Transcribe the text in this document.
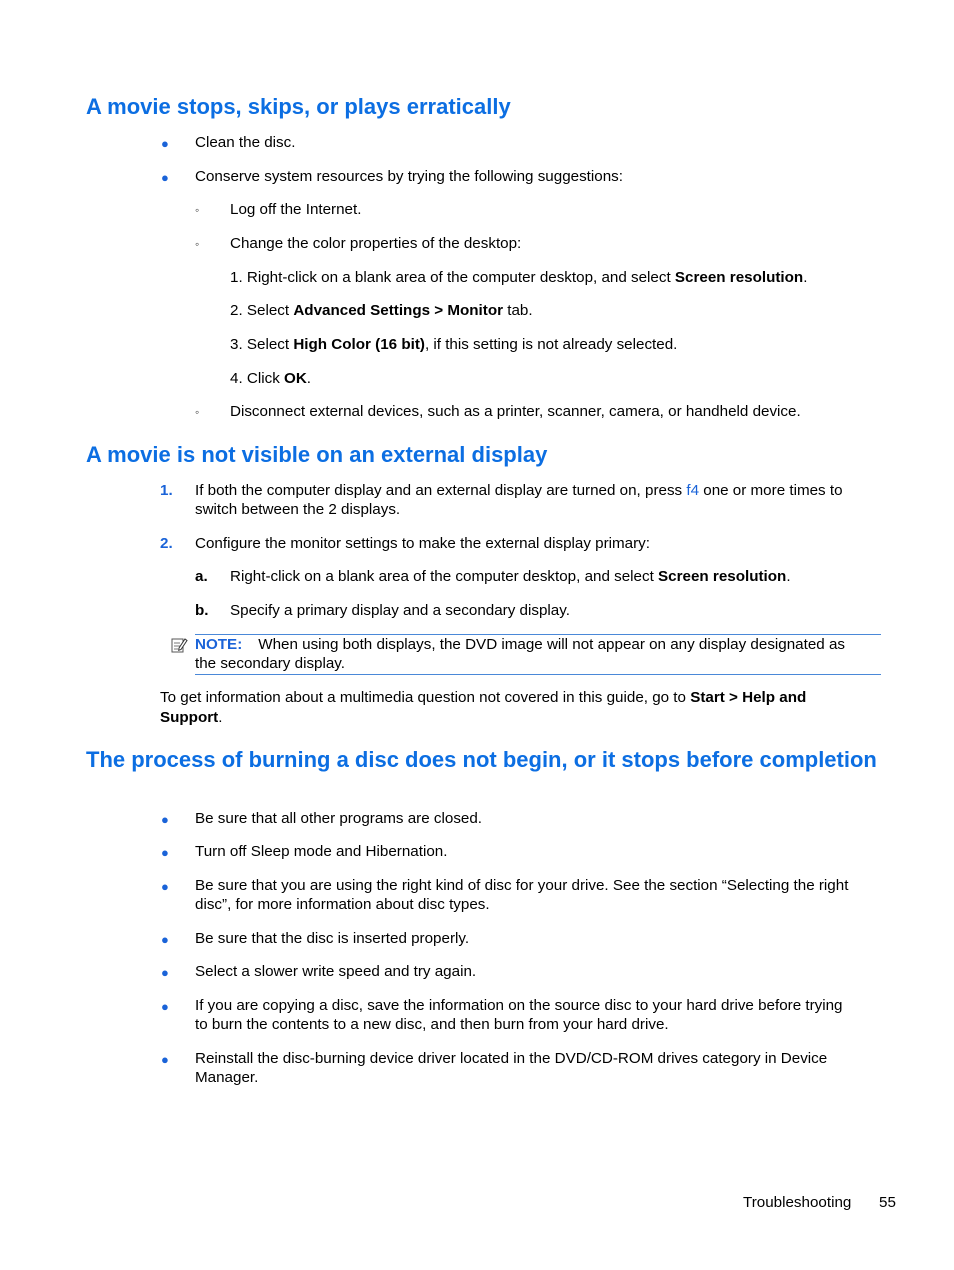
A movie stops, skips, or plays erratically
● Clean the disc.
● Conserve system resources by trying the following suggestions:
◦ Log off the Internet.
◦ Change the color properties of the desktop:
1. Right-click on a blank area of the computer desktop, and select Screen resolution.
2. Select Advanced Settings > Monitor tab.
3. Select High Color (16 bit), if this setting is not already selected.
4. Click OK.
◦ Disconnect external devices, such as a printer, scanner, camera, or handheld device.
A movie is not visible on an external display
1. If both the computer display and an external display are turned on, press f4 one or more times to
switch between the 2 displays.
2. Configure the monitor settings to make the external display primary:
a. Right-click on a blank area of the computer desktop, and select Screen resolution.
b. Specify a primary display and a secondary display.
NOTE: When using both displays, the DVD image will not appear on any display designated as
the secondary display.
To get information about a multimedia question not covered in this guide, go to Start > Help and
Support.
The process of burning a disc does not begin, or it stops before completion
● Be sure that all other programs are closed.
● Turn off Sleep mode and Hibernation.
● Be sure that you are using the right kind of disc for your drive. See the section “Selecting the right
disc”, for more information about disc types.
● Be sure that the disc is inserted properly.
● Select a slower write speed and try again.
● If you are copying a disc, save the information on the source disc to your hard drive before trying
to burn the contents to a new disc, and then burn from your hard drive.
● Reinstall the disc-burning device driver located in the DVD/CD-ROM drives category in Device
Manager.
Troubleshooting 55
